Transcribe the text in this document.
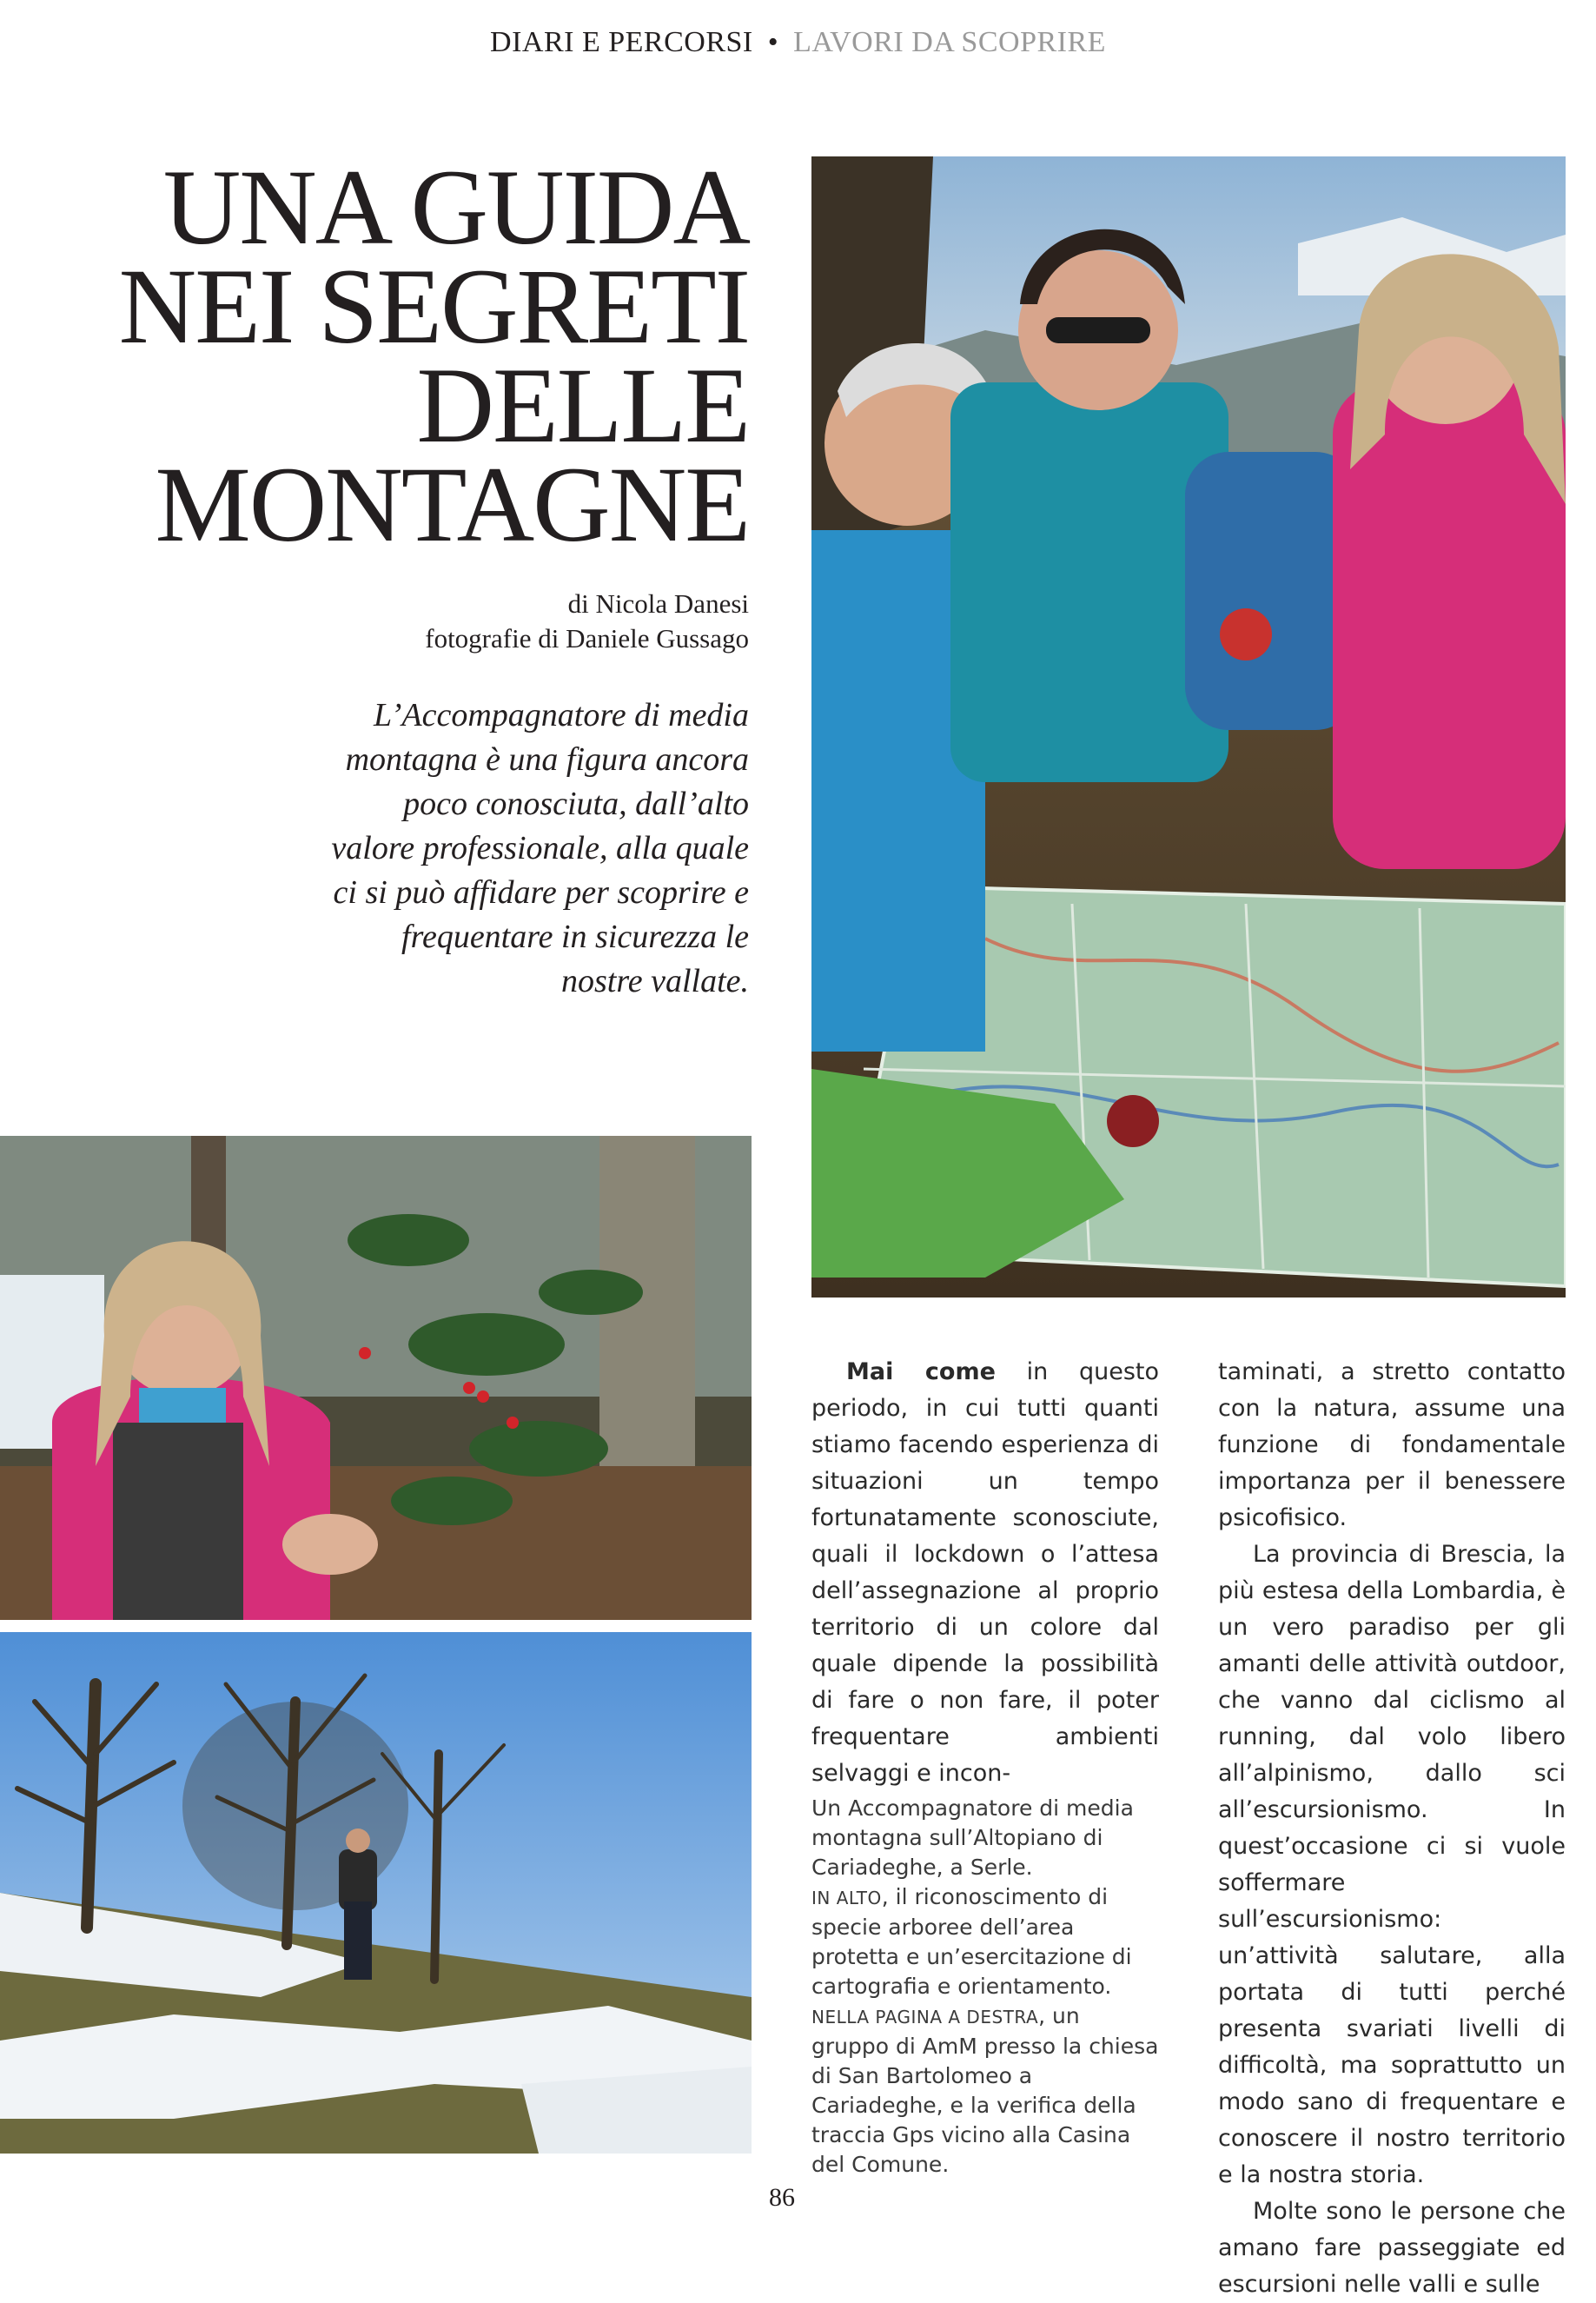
DIARI E PERCORSI • LAVORI DA SCOPRIRE
UNA GUIDA
NEI SEGRETI
DELLE
MONTAGNE
di Nicola Danesi
fotografie di Daniele Gussago
L’Accompagnatore di media montagna è una figura ancora poco conosciuta, dall’alto valore professionale, alla quale ci si può affidare per scoprire e frequentare in sicurezza le nostre vallate.

Mai come in questo periodo, in cui tutti quanti stiamo facendo esperienza di situazioni un tempo fortunatamente sconosciute, quali il lockdown o l’attesa dell’assegnazione al proprio territorio di un colore dal quale dipende la possibilità di fare o non fare, il poter frequentare ambienti selvaggi e incon-

Un Accompagnatore di media montagna sull’Altopiano di Cariadeghe, a Serle.

IN ALTO, il riconoscimento di specie arboree dell’area protetta e un’esercitazione di cartografia e orientamento.

NELLA PAGINA A DESTRA, un gruppo di AmM presso la chiesa di San Bartolomeo a Cariadeghe, e la verifica della traccia Gps vicino alla Casina del Comune.

taminati, a stretto contatto con la natura, assume una funzione di fondamentale importanza per il benessere psicofisico.

La provincia di Brescia, la più estesa della Lombardia, è un vero paradiso per gli amanti delle attività outdoor, che vanno dal ciclismo al running, dal volo libero all’alpinismo, dallo sci all’escursionismo. In quest’occasione ci si vuole soffermare sull’escursionismo: un’attività salutare, alla portata di tutti perché presenta svariati livelli di difficoltà, ma soprattutto un modo sano di frequentare e conoscere il nostro territorio e la nostra storia.

Molte sono le persone che amano fare passeggiate ed escursioni nelle valli e sulle

86
